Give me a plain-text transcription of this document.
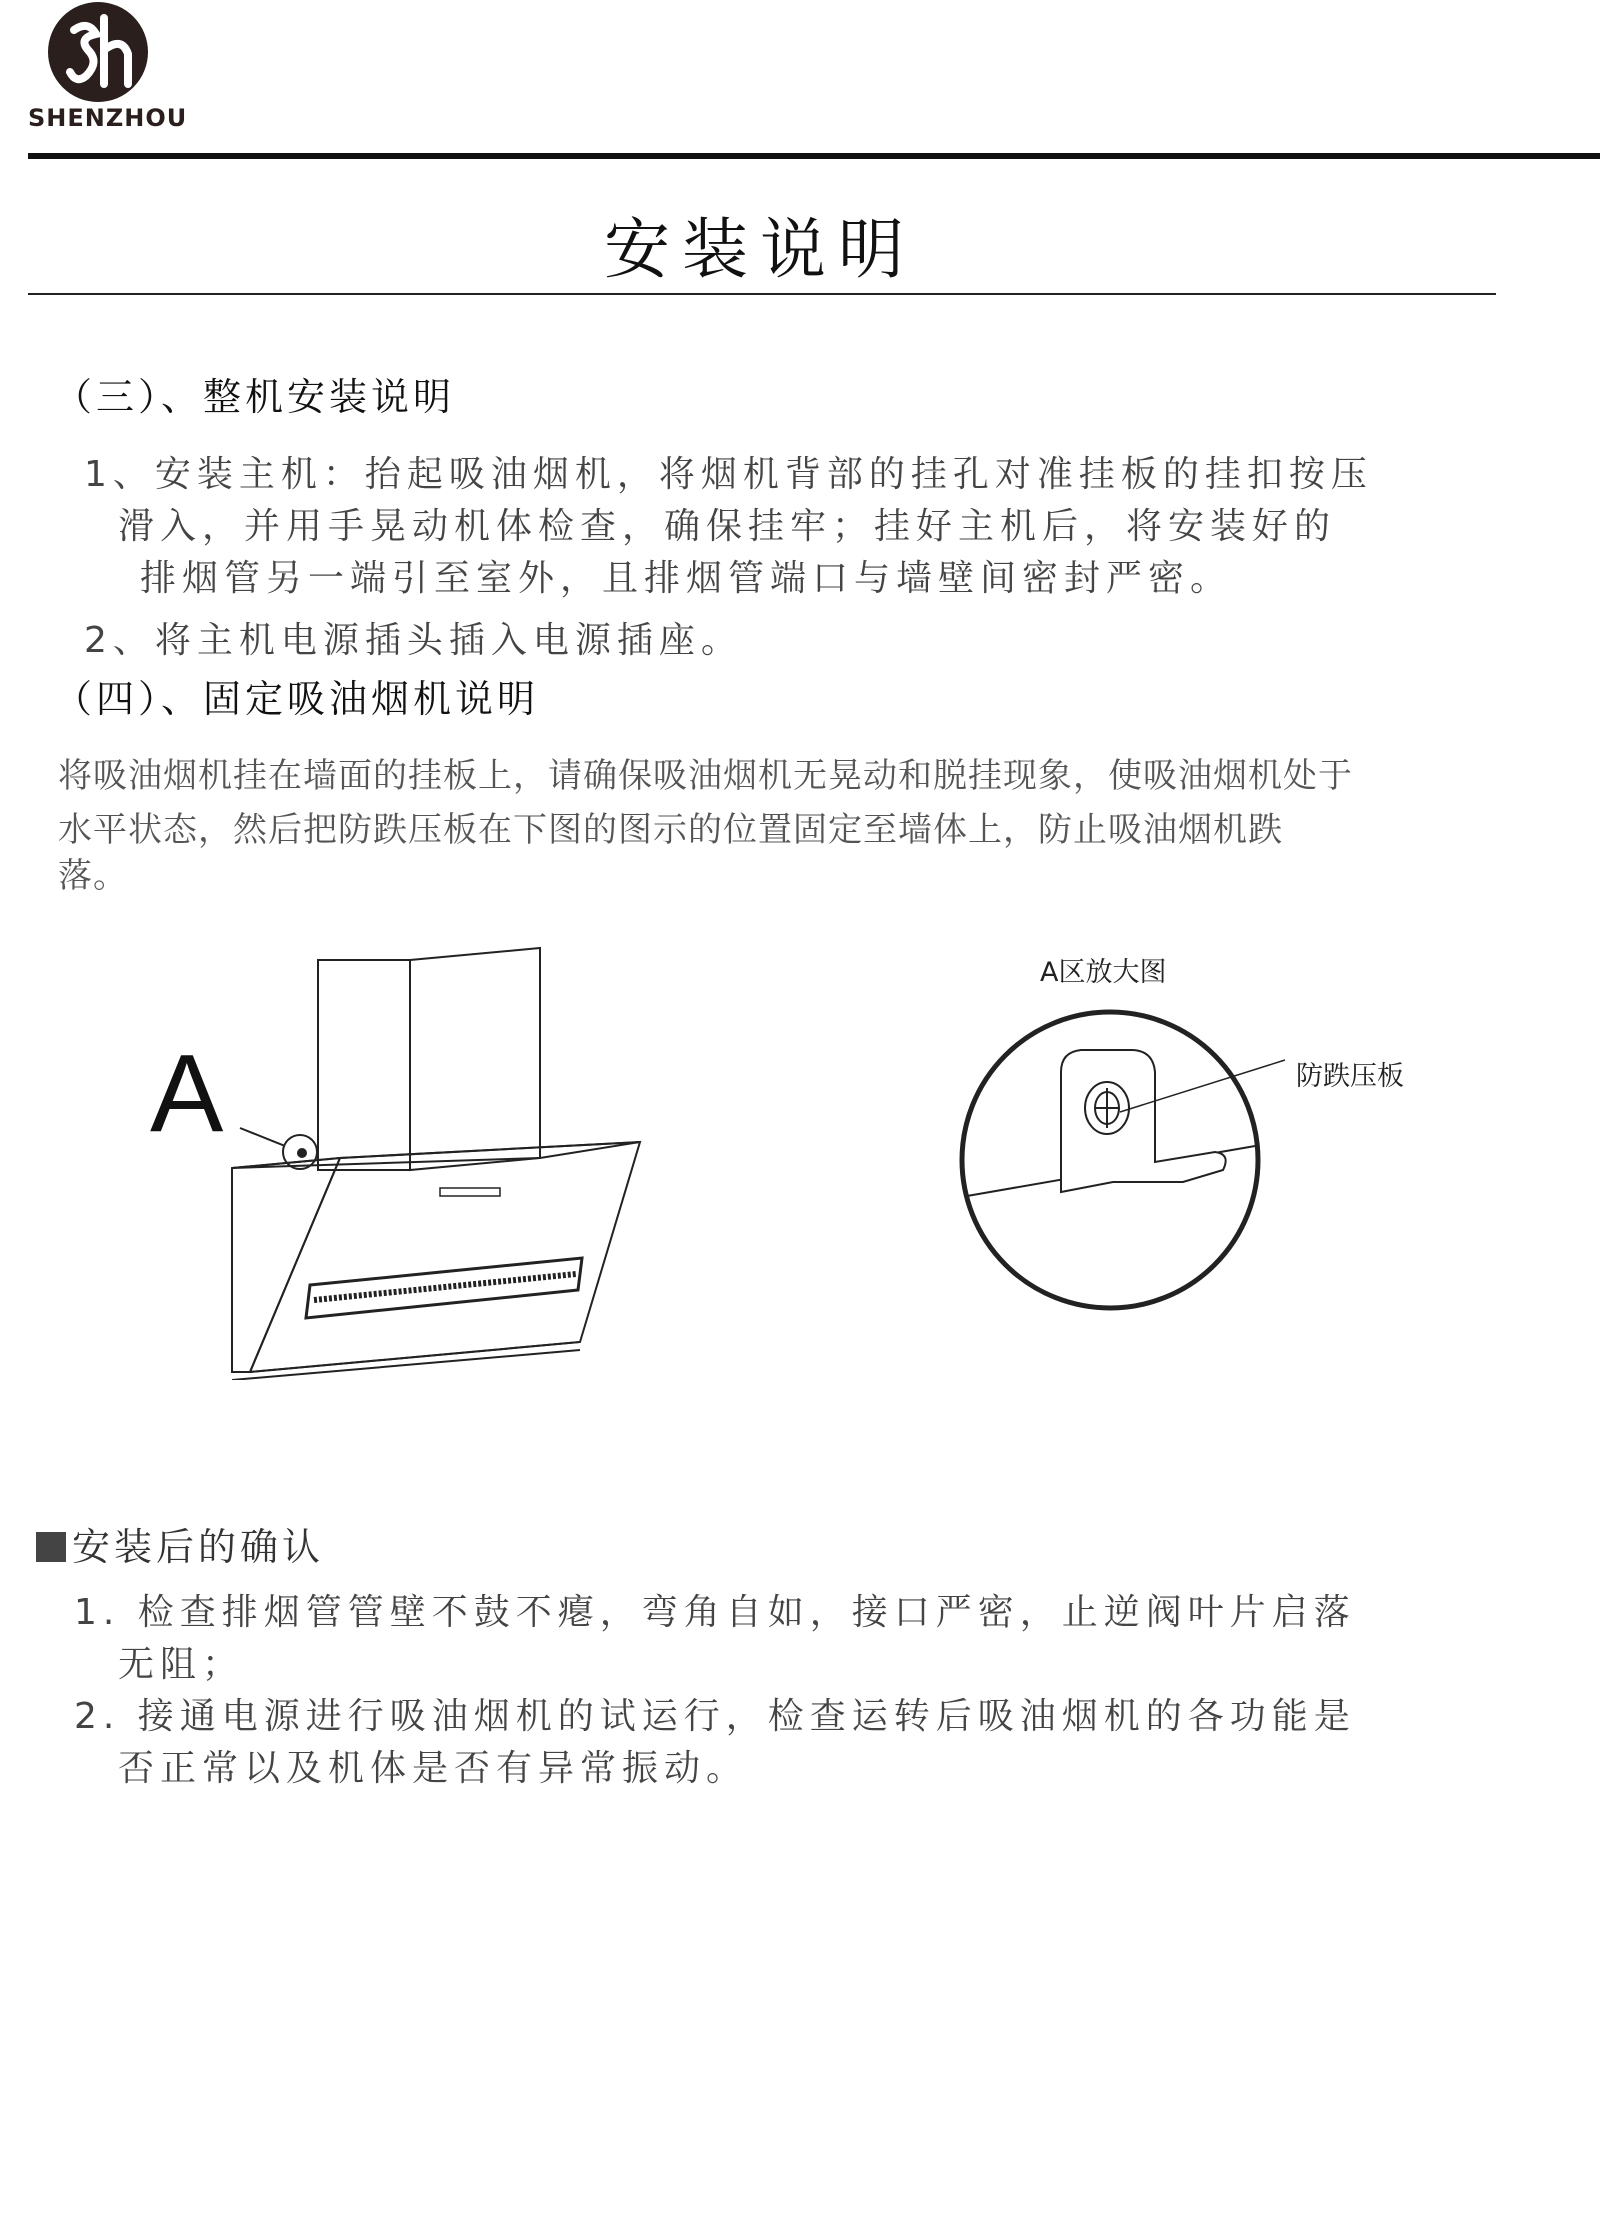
SHENZHOU
安装说明
（三）、整机安装说明
1、安装主机：抬起吸油烟机，将烟机背部的挂孔对准挂板的挂扣按压
滑入，并用手晃动机体检查，确保挂牢；挂好主机后，将安装好的
排烟管另一端引至室外，且排烟管端口与墙壁间密封严密。
2、将主机电源插头插入电源插座。
（四）、固定吸油烟机说明
将吸油烟机挂在墙面的挂板上，请确保吸油烟机无晃动和脱挂现象，使吸油烟机处于
水平状态，然后把防跌压板在下图的图示的位置固定至墙体上，防止吸油烟机跌
落。
A
A区放大图
防跌压板
安装后的确认
1. 检查排烟管管壁不鼓不瘪，弯角自如，接口严密，止逆阀叶片启落
无阻；
2. 接通电源进行吸油烟机的试运行，检查运转后吸油烟机的各功能是
否正常以及机体是否有异常振动。
